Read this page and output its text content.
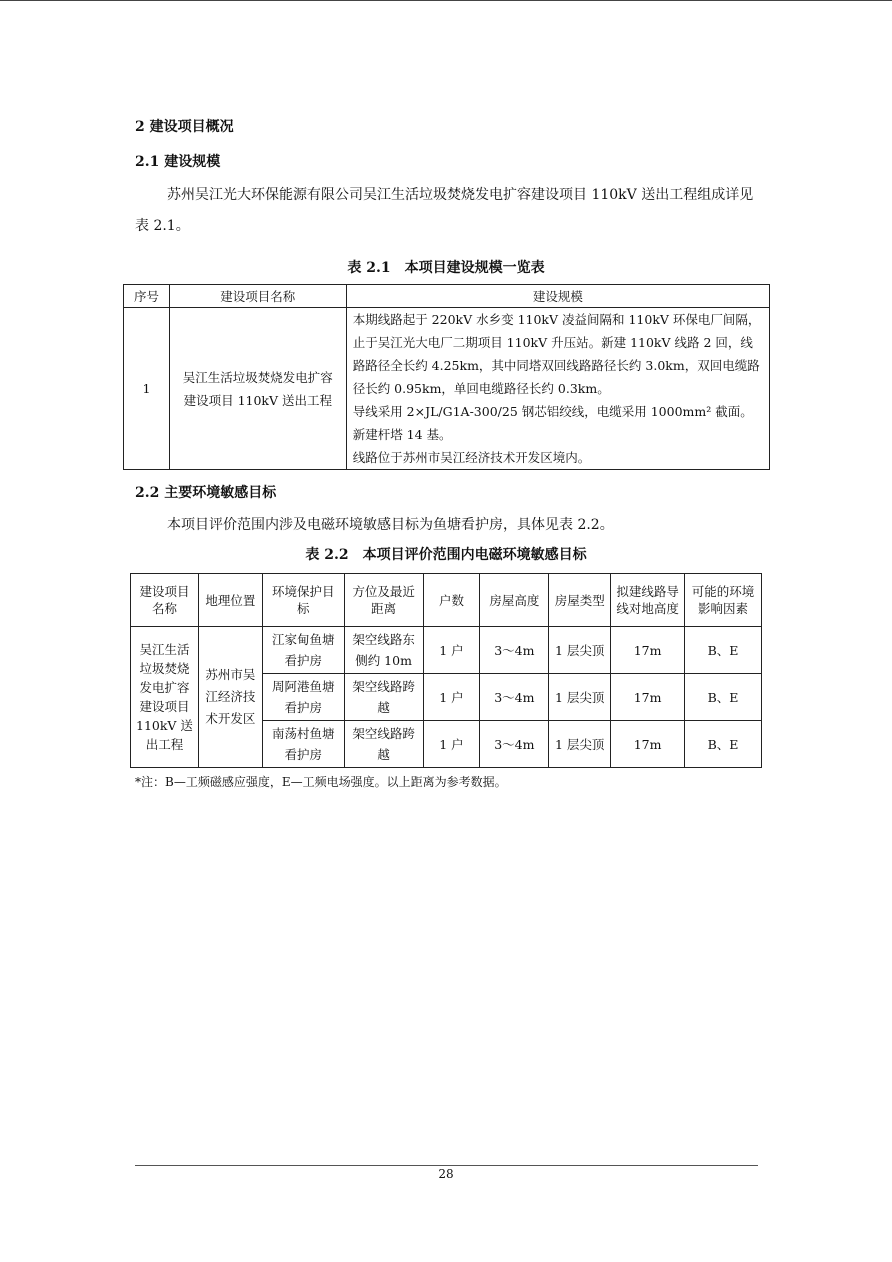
2 建设项目概况
2.1 建设规模
苏州吴江光大环保能源有限公司吴江生活垃圾焚烧发电扩容建设项目 110kV 送出工程组成详见表 2.1。
表 2.1　本项目建设规模一览表
序号	建设项目名称	建设规模
1	吴江生活垃圾焚烧发电扩容建设项目 110kV 送出工程	本期线路起于 220kV 水乡变 110kV 凌益间隔和 110kV 环保电厂间隔，止于吴江光大电厂二期项目 110kV 升压站。新建 110kV 线路 2 回，线路路径全长约 4.25km，其中同塔双回线路路径长约 3.0km，双回电缆路径长约 0.95km，单回电缆路径长约 0.3km。
导线采用 2×JL/G1A-300/25 钢芯铝绞线，电缆采用 1000mm² 截面。新建杆塔 14 基。
线路位于苏州市吴江经济技术开发区境内。
2.2 主要环境敏感目标
本项目评价范围内涉及电磁环境敏感目标为鱼塘看护房，具体见表 2.2。
表 2.2　本项目评价范围内电磁环境敏感目标
建设项目名称	地理位置	环境保护目标	方位及最近距离	户数	房屋高度	房屋类型	拟建线路导线对地高度	可能的环境影响因素
吴江生活垃圾焚烧发电扩容建设项目110kV 送出工程	苏州市吴江经济技术开发区	江家甸鱼塘看护房	架空线路东侧约 10m	1 户	3～4m	1 层尖顶	17m	B、E
		周阿港鱼塘看护房	架空线路跨越	1 户	3～4m	1 层尖顶	17m	B、E
		南荡村鱼塘看护房	架空线路跨越	1 户	3～4m	1 层尖顶	17m	B、E
*注：B—工频磁感应强度，E—工频电场强度。以上距离为参考数据。
28
